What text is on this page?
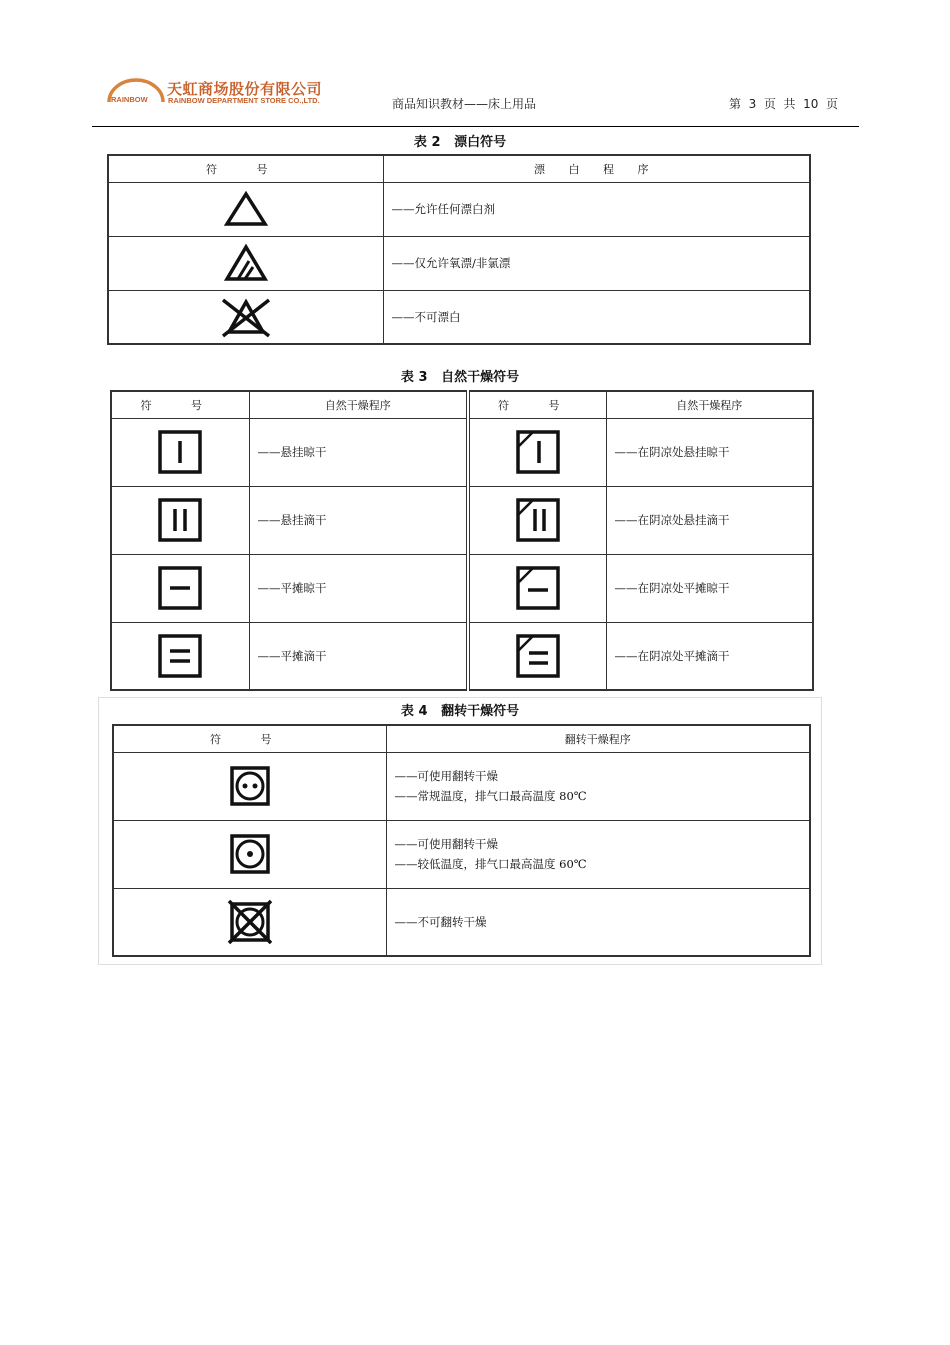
RAINBOW
天虹商场股份有限公司
RAINBOW DEPARTMENT STORE CO.,LTD.	商品知识教材——床上用品	第  3  页  共  10  页
表 2   漂白符号
符 号	漂 白 程 序

	——允许任何漂白剂

	——仅允许氧漂/非氯漂

	——不可漂白
表 3   自然干燥符号
符 号	自然干燥程序	符 号	自然干燥程序

	——悬挂晾干		——在阴凉处悬挂晾干

	——悬挂滴干		——在阴凉处悬挂滴干

	——平摊晾干		——在阴凉处平摊晾干

	——平摊滴干		——在阴凉处平摊滴干
表 4   翻转干燥符号
符 号	翻转干燥程序

——可使用翻转干燥
——常规温度，排气口最高温度 80℃

——可使用翻转干燥
——较低温度，排气口最高温度 60℃

——不可翻转干燥
